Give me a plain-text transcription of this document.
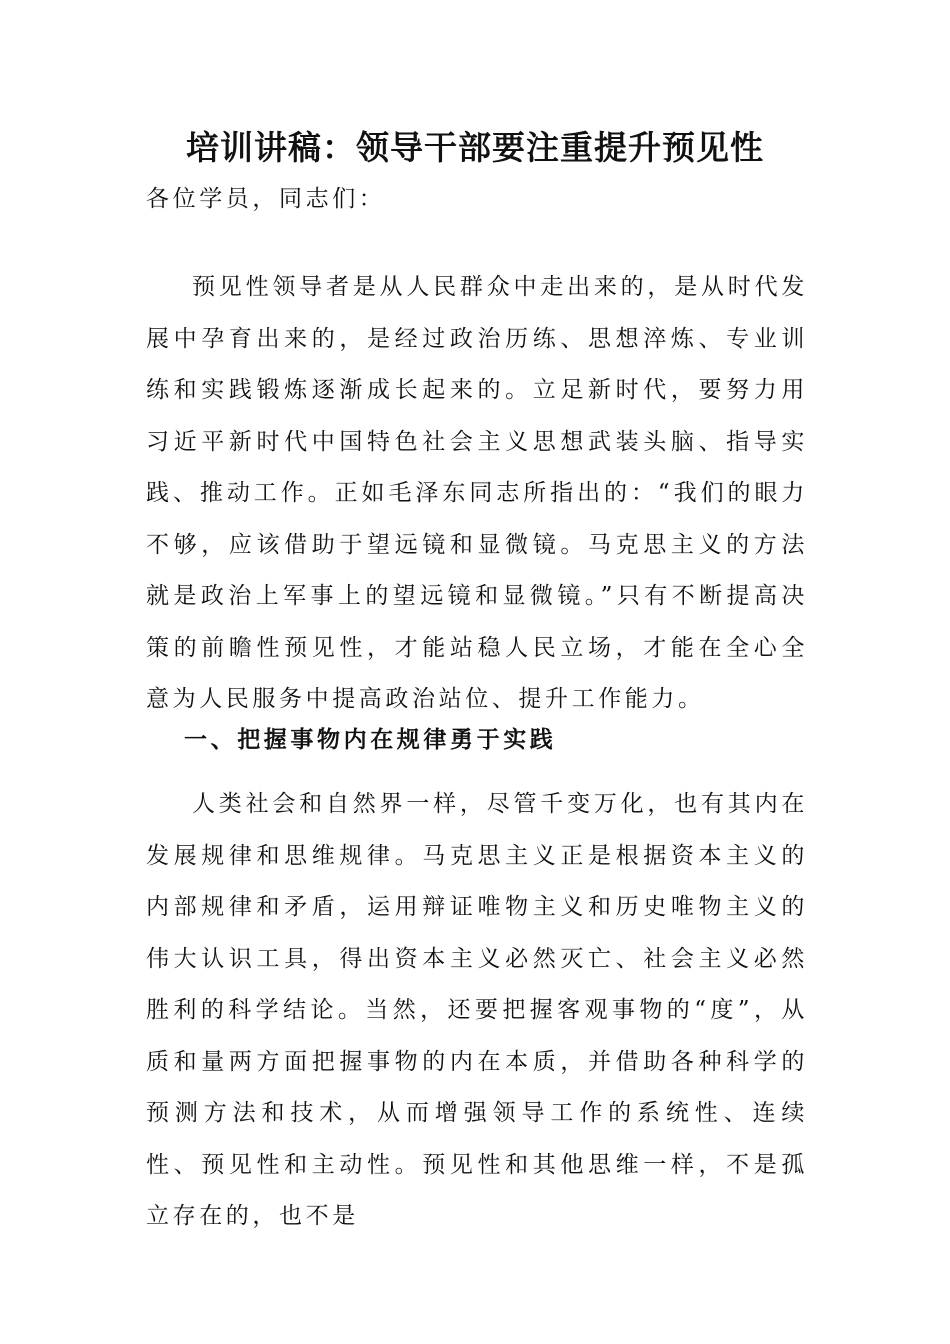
培训讲稿：领导干部要注重提升预见性
各位学员，同志们：
预见性领导者是从人民群众中走出来的，是从时代发展中孕育出来的，是经过政治历练、思想淬炼、专业训练和实践锻炼逐渐成长起来的。立足新时代，要努力用习近平新时代中国特色社会主义思想武装头脑、指导实践、推动工作。正如毛泽东同志所指出的：“我们的眼力不够，应该借助于望远镜和显微镜。马克思主义的方法就是政治上军事上的望远镜和显微镜。”只有不断提高决策的前瞻性预见性，才能站稳人民立场，才能在全心全意为人民服务中提高政治站位、提升工作能力。
一、把握事物内在规律勇于实践
人类社会和自然界一样，尽管千变万化，也有其内在发展规律和思维规律。马克思主义正是根据资本主义的内部规律和矛盾，运用辩证唯物主义和历史唯物主义的伟大认识工具，得出资本主义必然灭亡、社会主义必然胜利的科学结论。当然，还要把握客观事物的“度”，从质和量两方面把握事物的内在本质，并借助各种科学的预测方法和技术，从而增强领导工作的系统性、连续性、预见性和主动性。预见性和其他思维一样，不是孤立存在的，也不是
